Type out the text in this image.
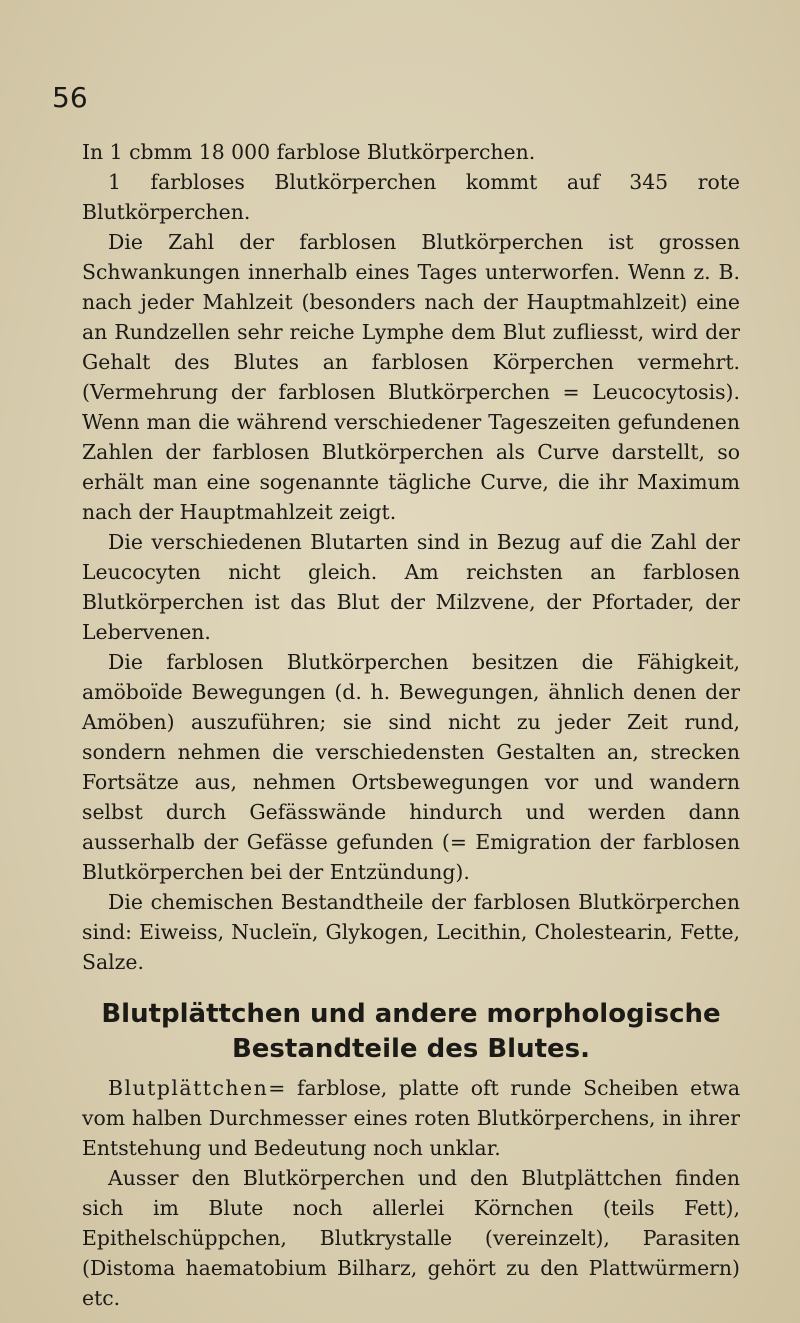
56

In 1 cbmm 18 000 farblose Blutkörperchen.

1 farbloses Blutkörperchen kommt auf 345 rote Blutkörperchen.

Die Zahl der farblosen Blutkörperchen ist grossen Schwankungen innerhalb eines Tages unterworfen. Wenn z. B. nach jeder Mahlzeit (besonders nach der Hauptmahlzeit) eine an Rundzellen sehr reiche Lymphe dem Blut zufliesst, wird der Gehalt des Blutes an farblosen Körperchen vermehrt. (Vermehrung der farblosen Blutkörperchen = Leucocytosis). Wenn man die während verschiedener Tageszeiten gefundenen Zahlen der farblosen Blutkörperchen als Curve darstellt, so erhält man eine sogenannte tägliche Curve, die ihr Maximum nach der Hauptmahlzeit zeigt.

Die verschiedenen Blutarten sind in Bezug auf die Zahl der Leucocyten nicht gleich. Am reichsten an farblosen Blutkörperchen ist das Blut der Milzvene, der Pfortader, der Lebervenen.

Die farblosen Blutkörperchen besitzen die Fähigkeit, amöboïde Bewegungen (d. h. Bewegungen, ähnlich denen der Amöben) auszuführen; sie sind nicht zu jeder Zeit rund, sondern nehmen die verschiedensten Gestalten an, strecken Fortsätze aus, nehmen Ortsbewegungen vor und wandern selbst durch Gefässwände hindurch und werden dann ausserhalb der Gefässe gefunden (= Emigration der farblosen Blutkörperchen bei der Entzündung).

Die chemischen Bestandtheile der farblosen Blutkörperchen sind: Eiweiss, Nucleïn, Glykogen, Lecithin, Cholestearin, Fette, Salze.

Blutplättchen und andere morphologische
Bestandteile des Blutes.

Blutplättchen= farblose, platte oft runde Scheiben etwa vom halben Durchmesser eines roten Blutkörperchens, in ihrer Entstehung und Bedeutung noch unklar.

Ausser den Blutkörperchen und den Blutplättchen finden sich im Blute noch allerlei Körnchen (teils Fett), Epithelschüppchen, Blutkrystalle (vereinzelt), Parasiten (Distoma haematobium Bilharz, gehört zu den Plattwürmern) etc.
